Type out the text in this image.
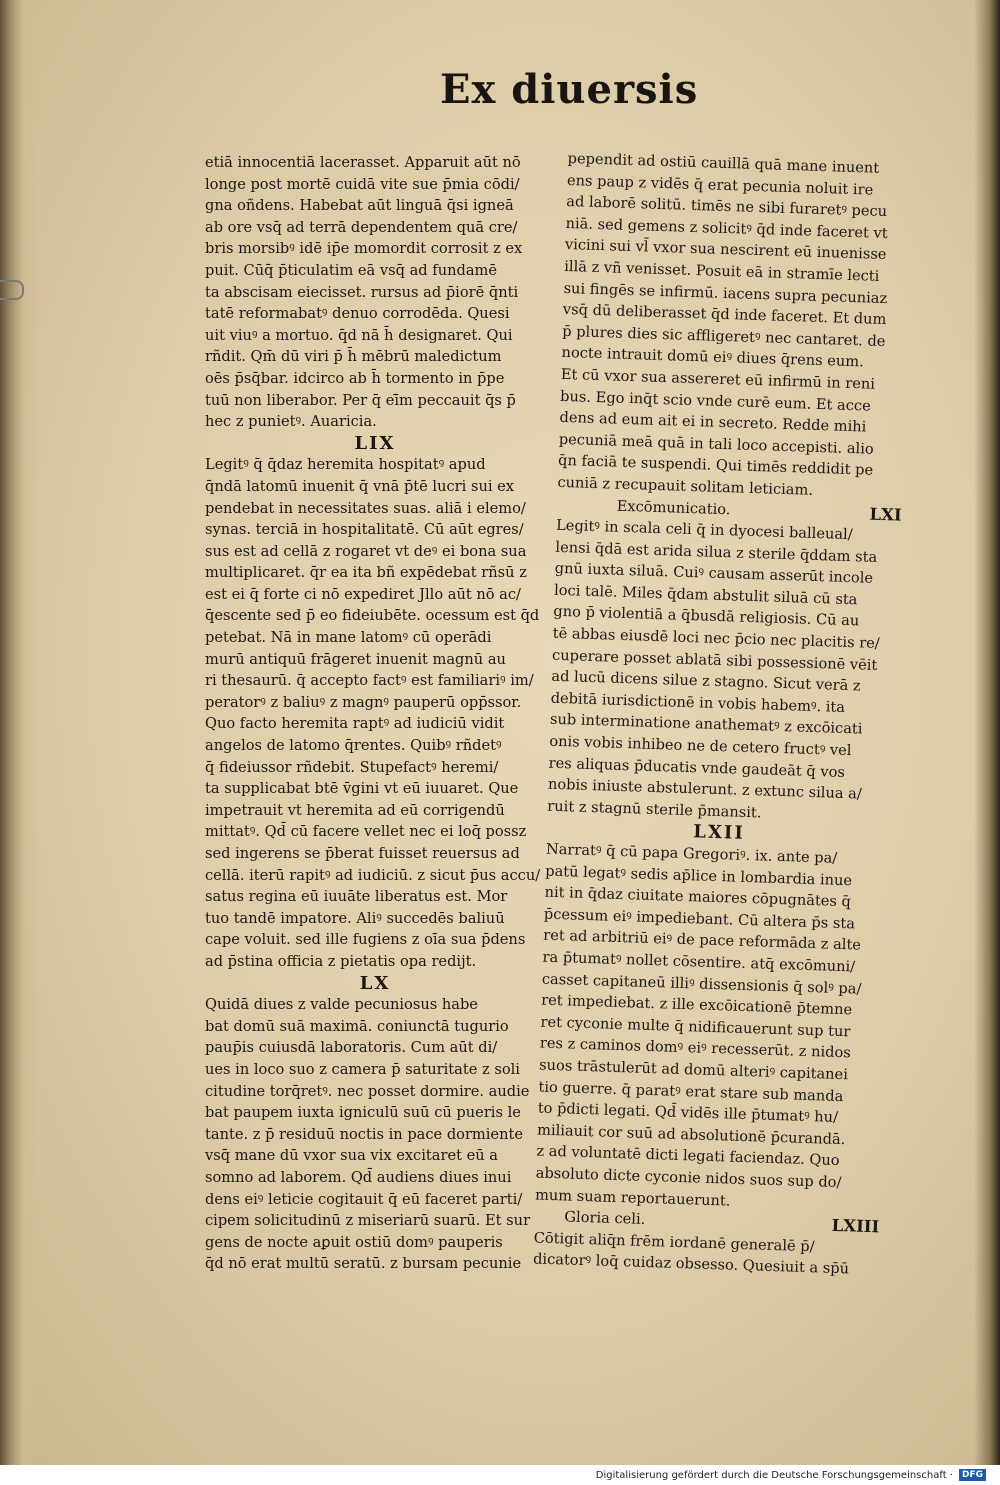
Ex diuersis
etiā innocentiā lacerasset. Apparuit aūt nō
longe post mortē cuidā vite sue p̄mia cōdi/
gna oñdens. Habebat aūt linguā q̄si igneā
ab ore vsq̄ ad terrā dependentem quā cre/
bris morsibꝰ idē ip̄e momordit corrosit z ex
puit. Cūq̄ p̄ticulatim eā vsq̄ ad fundamē
ta abscisam eiecisset. rursus ad p̄iorē q̄nti
tatē reformabatꝰ denuo corrodēda. Quesi
uit viuꝰ a mortuo. q̄d nā h̄ designaret. Qui
rñdit. Qm̄ dū viri p̄ h̄ mēbrū maledictum
oēs p̄sq̄bar. idcirco ab h̄ tormento in p̄pe
tuū non liberabor. Per q̄ eī̄m peccauit q̄s p̄
hec z punietꝰ. Auaricia.
LIX
Legitꝰ q̄ q̄daz heremita hospitatꝰ apud
q̄ndā latomū inuenit q̄ vnā p̄tē lucri sui ex
pendebat in necessitates suas. aliā i elemo/
synas. terciā in hospitalitatē. Cū aūt egres/
sus est ad cellā z rogaret vt deꝰ ei bona sua
multiplicaret. q̄r ea ita bñ expēdebat rñsū z
est ei q̄ forte ci nō expediret Jllo aūt nō ac/
q̄escente sed p̄ eo fideiubēte. ocessum est q̄d
petebat. Nā in mane latomꝰ cū operādi
murū antiquū frāgeret inuenit magnū au
ri thesaurū. q̄ accepto factꝰ est familiariꝰ im/
peratorꝰ z baliuꝰ z magnꝰ pauperū opp̄ssor.
Quo facto heremita raptꝰ ad iudiciū vidit
angelos de latomo q̄rentes. Quibꝰ rñdetꝰ
q̄ fideiussor rñdebit. Stupefactꝰ heremi/
ta supplicabat btē v̄gini vt eū iuuaret. Que
impetrauit vt heremita ad eū corrigendū
mittatꝰ. Qd̄ cū facere vellet nec ei loq̄ possz
sed ingerens se p̄berat fuisset reuersus ad
cellā. iterū rapitꝰ ad iudiciū. z sicut p̄us accu/
satus regina eū iuuāte liberatus est. Mor
tuo tandē impatore. Aliꝰ succedēs baliuū
cape voluit. sed ille fugiens z oīa sua p̄dens
ad p̄stina officia z pietatis opa redijt.
LX
Quidā diues z valde pecuniosus habe
bat domū suā maximā. coniunctā tugurio
paup̄is cuiusdā laboratoris. Cum aūt di/
ues in loco suo z camera p̄ saturitate z soli
citudine torq̄retꝰ. nec posset dormire. audie
bat paupem iuxta igniculū suū cū pueris le
tante. z p̄ residuū noctis in pace dormiente
vsq̄ mane dū vxor sua vix excitaret eū a
somno ad laborem. Qd̄ audiens diues inui
dens eiꝰ leticie cogitauit q̄ eū faceret parti/
cipem solicitudinū z miseriarū suarū. Et sur
gens de nocte aꝑuit ostiū domꝰ pauperis
q̄d nō erat multū seratū. z bursam pecunie
pependit ad ostiū cauillā quā mane inuent
ens paup z vidēs q̄ erat pecunia noluit ire
ad laborē solitū. timēs ne sibi furaretꝰ pecu
niā. sed gemens z solicitꝰ q̄d inde faceret vt
vicini sui vl̄ vxor sua nescirent eū inuenisse
illā z vñ venisset. Posuit eā in stramīe lecti
sui fingēs se infirmū. iacens supra pecuniaz
vsq̄ dū deliberasset q̄d inde faceret. Et dum
p̄ plures dies sic affligeretꝰ nec cantaret. de
nocte intrauit domū eiꝰ diues q̄rens eum.
Et cū vxor sua assereret eū infirmū in reni
bus. Ego inq̄t scio vnde curē eum. Et acce
dens ad eum ait ei in secreto. Redde mihi
pecuniā meā quā in tali loco accepisti. alio
q̄n faciā te suspendi. Qui timēs reddidit pe
cuniā z recupauit solitam leticiam.
Excōmunicatio.	LXI
Legitꝰ in scala celi q̄ in dyocesi balleual/
lensi q̄dā est arida silua z sterile q̄ddam sta
gnū iuxta siluā. Cuiꝰ causam asserūt incole
loci talē. Miles q̄dam abstulit siluā cū sta
gno p̄ violentiā a q̄busdā religiosis. Cū au
tē abbas eiusdē loci nec p̄cio nec placitis re/
cuperare posset ablatā sibi possessionē vēit
ad lucū dicens silue z stagno. Sicut verā z
debitā iurisdictionē in vobis habemꝰ. ita
sub interminatione anathematꝰ z excōicati
onis vobis inhibeo ne de cetero fructꝰ vel
res aliquas p̄ducatis vnde gaudeāt q̄ vos
nobis iniuste abstulerunt. z extunc silua a/
ruit z stagnū sterile p̄mansit.
LXII
Narratꝰ q̄ cū papa Gregoriꝰ. ix. ante pa/
patū legatꝰ sedis ap̄lice in lombardia inue
nit in q̄daz ciuitate maiores cōpugnātes q̄
p̄cessum eiꝰ impediebant. Cū altera p̄s sta
ret ad arbitriū eiꝰ de pace reformāda z alte
ra p̄tumatꝰ nollet cōsentire. atq̄ excōmuni/
casset capitaneū illiꝰ dissensionis q̄ solꝰ pa/
ret impediebat. z ille excōicationē p̄temne
ret cyconie multe q̄ nidificauerunt sup tur
res z caminos domꝰ eiꝰ recesserūt. z nidos
suos trāstulerūt ad domū alteriꝰ capitanei
tio guerre. q̄ paratꝰ erat stare sub manda
to p̄dicti legati. Qd̄ vidēs ille p̄tumatꝰ hu/
miliauit cor suū ad absolutionē p̄curandā.
z ad voluntatē dicti legati faciendaz. Quo
absoluto dicte cyconie nidos suos sup do/
mum suam reportauerunt.
Gloria celi.	LXIII
Cōtigit aliq̄n frēm iordanē generalē p̄/
dicatorꝰ loq̄ cuidaz obsesso. Quesiuit a sp̄ū
Digitalisierung gefördert durch die Deutsche Forschungsgemeinschaft ·	DFG
